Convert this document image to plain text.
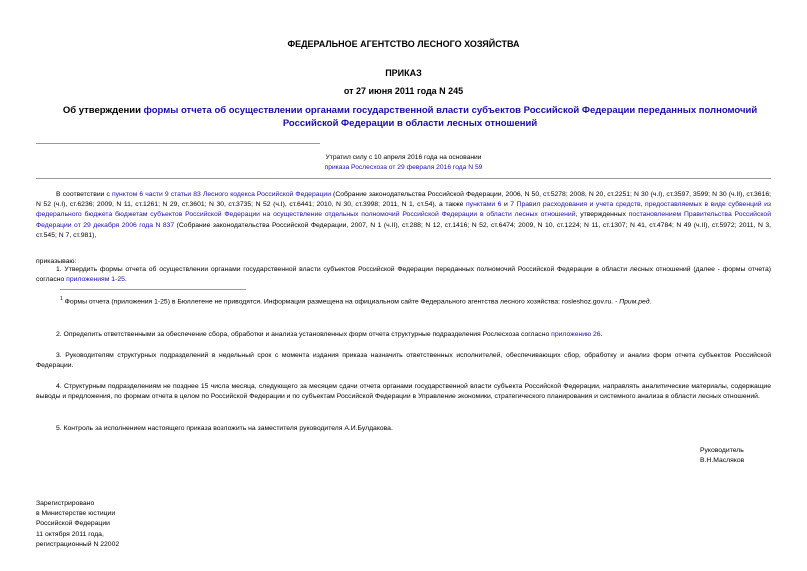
ФЕДЕРАЛЬНОЕ АГЕНТСТВО ЛЕСНОГО ХОЗЯЙСТВА
ПРИКАЗ
от 27 июня 2011 года N 245
Об утверждении формы отчета об осуществлении органами государственной власти субъектов Российской Федерации переданных полномочий Российской Федерации в области лесных отношений
Утратил силу с 10 апреля 2016 года на основании
приказа Рослесхоза от 29 февраля 2016 года N 59
В соответствии с пунктом 6 части 9 статьи 83 Лесного кодекса Российской Федерации (Собрание законодательства Российской Федерации, 2006, N 50, ст.5278; 2008, N 20, ст.2251; N 30 (ч.I), ст.3597, 3599; N 30 (ч.II), ст.3616; N 52 (ч.I), ст.6236; 2009, N 11, ст.1261; N 29, ст.3601; N 30, ст.3735; N 52 (ч.I), ст.6441; 2010, N 30, ст.3998; 2011, N 1, ст.54), а также пунктами 6 и 7 Правил расходования и учета средств, предоставляемых в виде субвенций из федерального бюджета бюджетам субъектов Российской Федерации на осуществление отдельных полномочий Российской Федерации в области лесных отношений, утвержденных постановлением Правительства Российской Федерации от 29 декабря 2006 года N 837 (Собрание законодательства Российской Федерации, 2007, N 1 (ч.II), ст.288; N 12, ст.1416; N 52, ст.6474; 2009, N 10, ст.1224; N 11, ст.1307; N 41, ст.4784; N 49 (ч.II), ст.5972; 2011, N 3, ст.545; N 7, ст.981),
приказываю:
1. Утвердить формы отчета об осуществлении органами государственной власти субъектов Российской Федерации переданных полномочий Российской Федерации в области лесных отношений (далее - формы отчета) согласно приложениям 1-25.
$^1$ Формы отчета (приложения 1-25) в Бюллетене не приводятся. Информация размещена на официальном сайте Федерального агентства лесного хозяйства: rosleshoz.gov.ru. - Прим.ред.
2. Определить ответственными за обеспечение сбора, обработки и анализа установленных форм отчета структурные подразделения Рослесхоза согласно приложению 26.
3. Руководителям структурных подразделений в недельный срок с момента издания приказа назначить ответственных исполнителей, обеспечивающих сбор, обработку и анализ форм отчета субъектов Российской Федерации.
4. Структурным подразделениям не позднее 15 числа месяца, следующего за месяцем сдачи отчета органами государственной власти субъекта Российской Федерации, направлять аналитические материалы, содержащие выводы и предложения, по формам отчета в целом по Российской Федерации и по субъектам Российской Федерации в Управление экономики, стратегического планирования и системного анализа в области лесных отношений.
5. Контроль за исполнением настоящего приказа возложить на заместителя руководителя А.И.Булдакова.
Руководитель
В.Н.Масляков
Зарегистрировано
в Министерстве юстиции
Российской Федерации
11 октября 2011 года,
регистрационный N 22002
